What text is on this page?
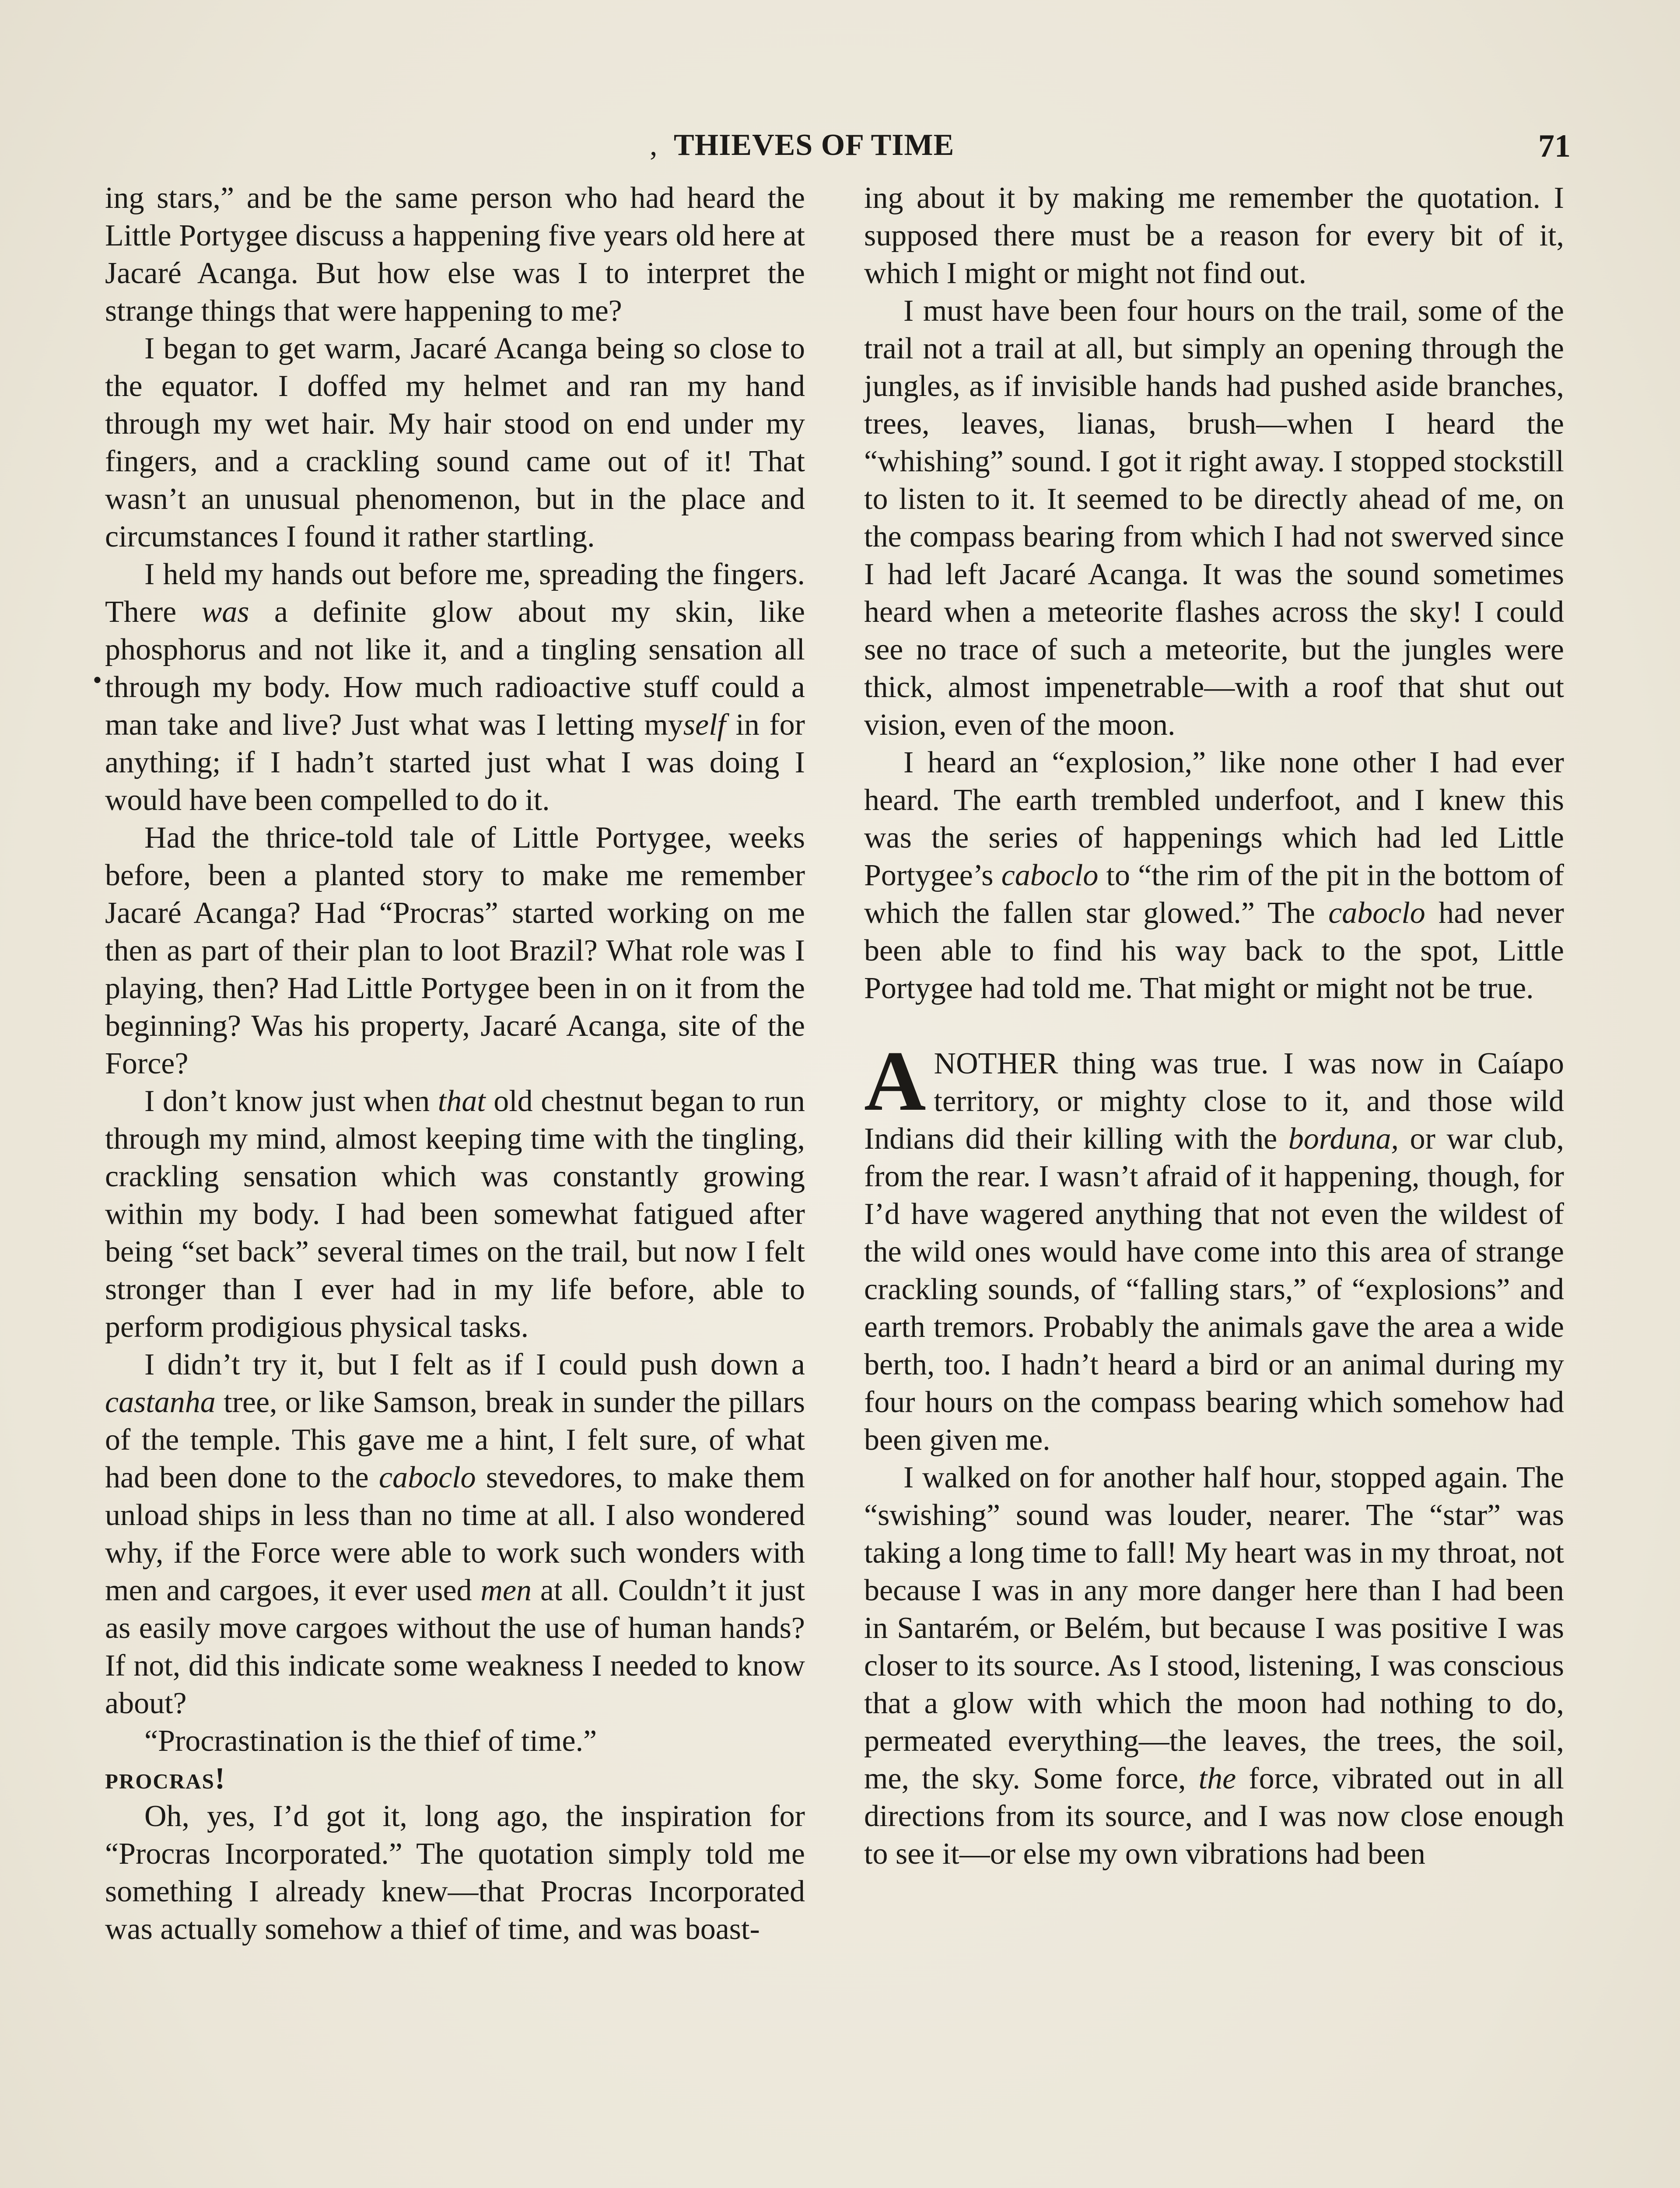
, THIEVES OF TIME	71
•

ing stars,” and be the same person who had heard the Little Portygee discuss a happening five years old here at Jacaré Acanga. But how else was I to interpret the strange things that were happening to me?

I began to get warm, Jacaré Acanga being so close to the equator. I doffed my helmet and ran my hand through my wet hair. My hair stood on end under my fingers, and a crackling sound came out of it! That wasn’t an unusual phenomenon, but in the place and circumstances I found it rather startling.

I held my hands out before me, spreading the fingers. There was a definite glow about my skin, like phosphorus and not like it, and a tingling sensation all through my body. How much radioactive stuff could a man take and live? Just what was I letting myself in for anything; if I hadn’t started just what I was doing I would have been compelled to do it.

Had the thrice-told tale of Little Portygee, weeks before, been a planted story to make me remember Jacaré Acanga? Had “Procras” started working on me then as part of their plan to loot Brazil? What role was I playing, then? Had Little Portygee been in on it from the beginning? Was his property, Jacaré Acanga, site of the Force?

I don’t know just when that old chestnut began to run through my mind, almost keeping time with the tingling, crackling sensation which was constantly growing within my body. I had been somewhat fatigued after being “set back” several times on the trail, but now I felt stronger than I ever had in my life before, able to perform prodigious physical tasks.

I didn’t try it, but I felt as if I could push down a castanha tree, or like Samson, break in sunder the pillars of the temple. This gave me a hint, I felt sure, of what had been done to the caboclo stevedores, to make them unload ships in less than no time at all. I also wondered why, if the Force were able to work such wonders with men and cargoes, it ever used men at all. Couldn’t it just as easily move cargoes without the use of human hands? If not, did this indicate some weakness I needed to know about?

“Procrastination is the thief of time.”

procras!

Oh, yes, I’d got it, long ago, the inspiration for “Procras Incorporated.” The quotation simply told me something I already knew—that Procras Incorporated was actually somehow a thief of time, and was boast-

ing about it by making me remember the quotation. I supposed there must be a reason for every bit of it, which I might or might not find out.

I must have been four hours on the trail, some of the trail not a trail at all, but simply an opening through the jungles, as if invisible hands had pushed aside branches, trees, leaves, lianas, brush—when I heard the “whishing” sound. I got it right away. I stopped stockstill to listen to it. It seemed to be directly ahead of me, on the compass bearing from which I had not swerved since I had left Jacaré Acanga. It was the sound sometimes heard when a meteorite flashes across the sky! I could see no trace of such a meteorite, but the jungles were thick, almost impenetrable—with a roof that shut out vision, even of the moon.

I heard an “explosion,” like none other I had ever heard. The earth trembled underfoot, and I knew this was the series of happenings which had led Little Portygee’s caboclo to “the rim of the pit in the bottom of which the fallen star glowed.” The caboclo had never been able to find his way back to the spot, Little Portygee had told me. That might or might not be true.

ANOTHER thing was true. I was now in Caíapo territory, or mighty close to it, and those wild Indians did their killing with the borduna, or war club, from the rear. I wasn’t afraid of it happening, though, for I’d have wagered anything that not even the wildest of the wild ones would have come into this area of strange crackling sounds, of “falling stars,” of “explosions” and earth tremors. Probably the animals gave the area a wide berth, too. I hadn’t heard a bird or an animal during my four hours on the compass bearing which somehow had been given me.

I walked on for another half hour, stopped again. The “swishing” sound was louder, nearer. The “star” was taking a long time to fall! My heart was in my throat, not because I was in any more danger here than I had been in Santarém, or Belém, but because I was positive I was closer to its source. As I stood, listening, I was conscious that a glow with which the moon had nothing to do, permeated everything—the leaves, the trees, the soil, me, the sky. Some force, the force, vibrated out in all directions from its source, and I was now close enough to see it—or else my own vibrations had been
